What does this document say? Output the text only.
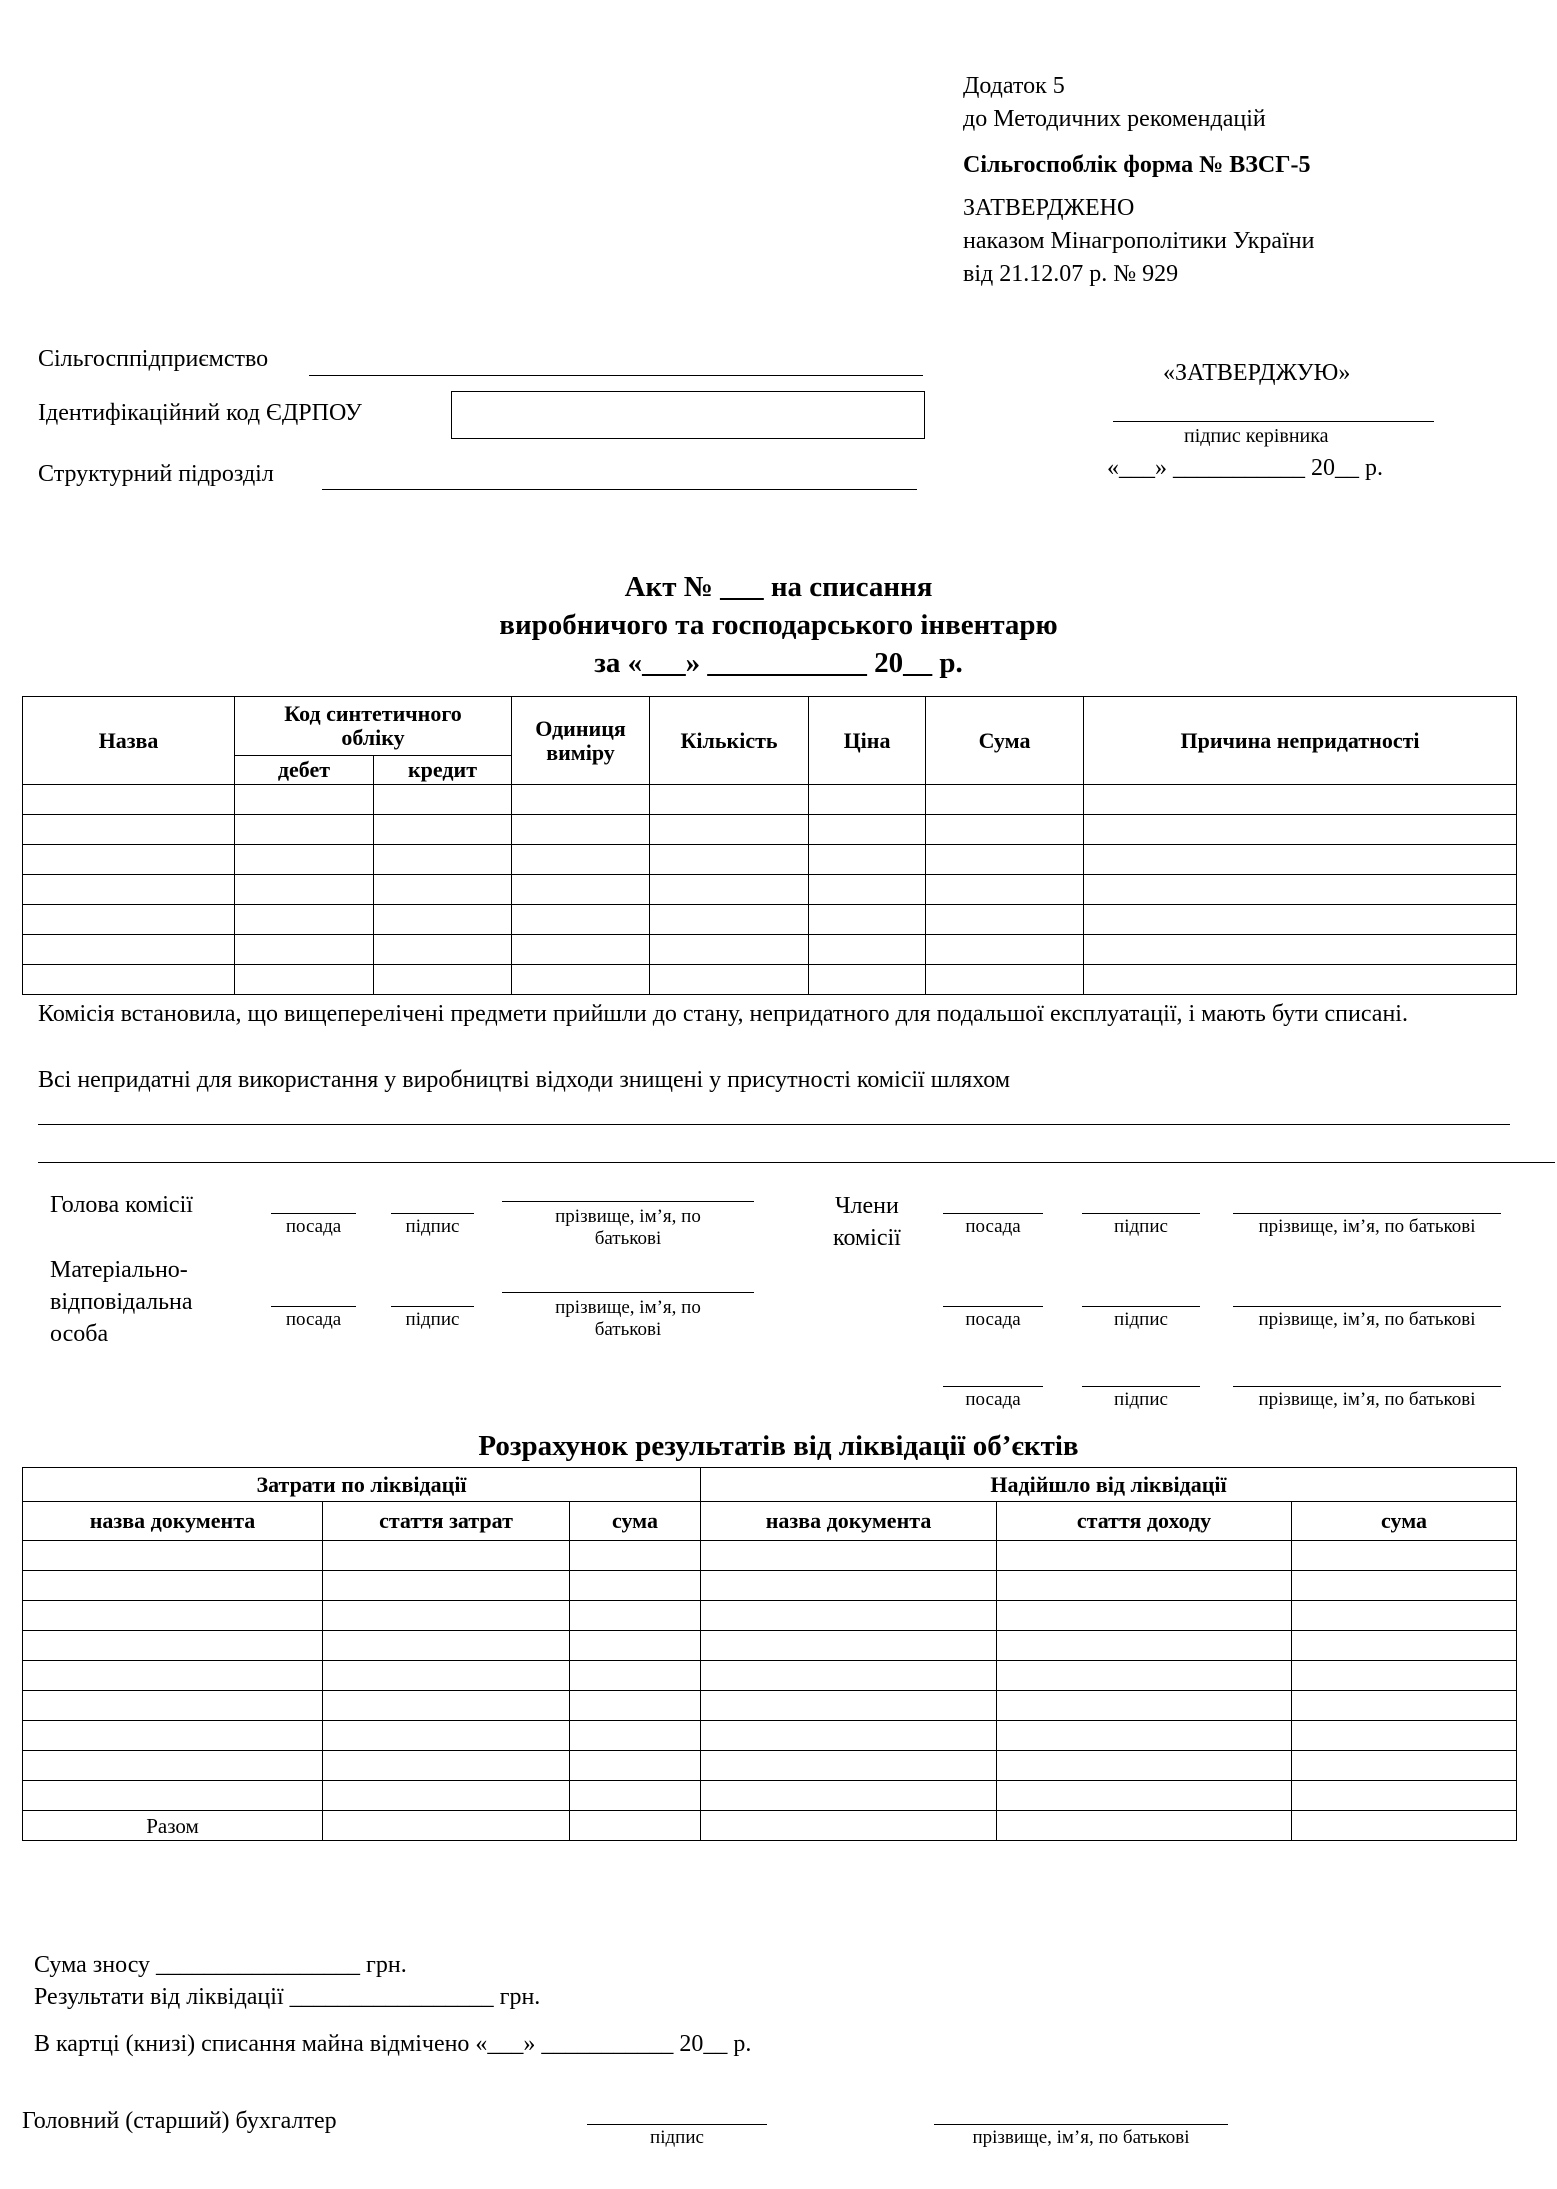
Додаток 5
до Методичних рекомендацій
Сільгоспоблік форма № ВЗСГ-5
ЗАТВЕРДЖЕНО
наказом Мінагрополітики України
від 21.12.07 р. № 929
Сільгосппідприємство
Ідентифікаційний код ЄДРПОУ
Структурний підрозділ
«ЗАТВЕРДЖУЮ»
підпис керівника
«___» ___________ 20__ р.
Акт № ___ на списання
виробничого та господарського інвентарю
за «___» ___________ 20__ р.
Назва	Код синтетичного обліку		Одиниця виміру	Кількість	Ціна	Сума	Причина непридатності
	дебет	кредит					

Комісія встановила, що вищеперелічені предмети прийшли до стану, непридатного для подальшої експлуатації, і мають бути списані.
Всі непридатні для використання у виробництві відходи знищені у присутності комісії шляхом
Голова комісії
посада	підпис	прізвище, ім’я, по
батькові
Матеріально-
відповідальна
особа
посада	підпис
прізвище, ім’я, по
батькові
Члени
комісії	посада	підпис	прізвище, ім’я, по батькові
посада	підпис	прізвище, ім’я, по батькові
посада	підпис	прізвище, ім’я, по батькові
Розрахунок результатів від ліквідації об’єктів
Затрати по ліквідації			Надійшло від ліквідації		
назва документа	стаття затрат	сума	назва документа	стаття доходу	сума

Разом					
Сума зносу _________________ грн.
Результати від ліквідації _________________ грн.
В картці (книзі) списання майна відмічено «___» ___________ 20__ р.
Головний (старший) бухгалтер
підпис	прізвище, ім’я, по батькові
